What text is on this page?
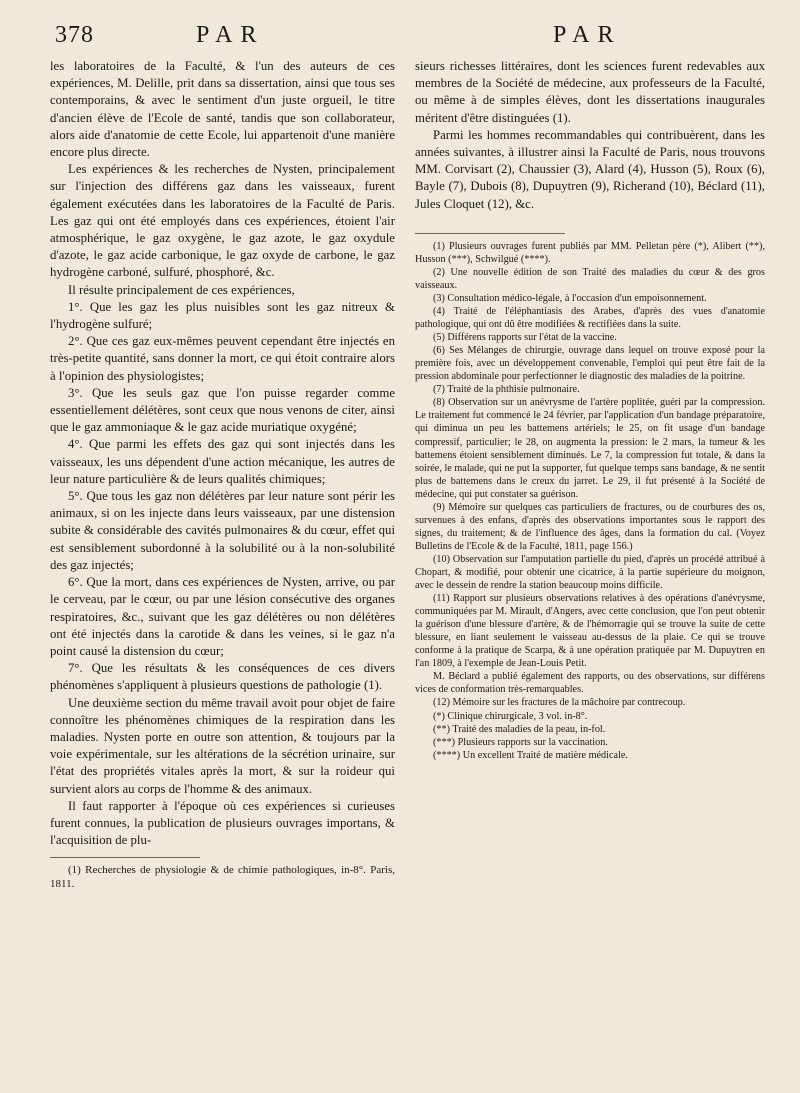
378	PAR	PAR

les laboratoires de la Faculté, & l'un des auteurs de ces expériences, M. Delille, prit dans sa dissertation, ainsi que tous ses contemporains, & avec le sentiment d'un juste orgueil, le titre d'ancien élève de l'Ecole de santé, tandis que son collaborateur, alors aide d'anatomie de cette Ecole, lui appartenoit d'une manière encore plus directe.

Les expériences & les recherches de Nysten, principalement sur l'injection des différens gaz dans les vaisseaux, furent également exécutées dans les laboratoires de la Faculté de Paris. Les gaz qui ont été employés dans ces expériences, étoient l'air atmosphérique, le gaz oxygène, le gaz azote, le gaz oxydule d'azote, le gaz acide carbonique, le gaz oxyde de carbone, le gaz hydrogène carboné, sulfuré, phosphoré, &c.

Il résulte principalement de ces expériences,

1°. Que les gaz les plus nuisibles sont les gaz nitreux & l'hydrogène sulfuré;

2°. Que ces gaz eux-mêmes peuvent cependant être injectés en très-petite quantité, sans donner la mort, ce qui étoit contraire alors à l'opinion des physiologistes;

3°. Que les seuls gaz que l'on puisse regarder comme essentiellement délétères, sont ceux que nous venons de citer, ainsi que le gaz ammoniaque & le gaz acide muriatique oxygéné;

4°. Que parmi les effets des gaz qui sont injectés dans les vaisseaux, les uns dépendent d'une action mécanique, les autres de leur nature particulière & de leurs qualités chimiques;

5°. Que tous les gaz non délétères par leur nature sont périr les animaux, si on les injecte dans leurs vaisseaux, par une distension subite & considérable des cavités pulmonaires & du cœur, effet qui est sensiblement subordonné à la solubilité ou à la non-solubilité des gaz injectés;

6°. Que la mort, dans ces expériences de Nysten, arrive, ou par le cerveau, par le cœur, ou par une lésion consécutive des organes respiratoires, &c., suivant que les gaz délétères ou non délétères ont été injectés dans la carotide & dans les veines, si le gaz n'a point causé la distension du cœur;

7°. Que les résultats & les conséquences de ces divers phénomènes s'appliquent à plusieurs questions de pathologie (1).

Une deuxième section du même travail avoit pour objet de faire connoître les phénomènes chimiques de la respiration dans les maladies. Nysten porte en outre son attention, & toujours par la voie expérimentale, sur les altérations de la sécrétion urinaire, sur l'état des propriétés vitales après la mort, & sur la roideur qui survient alors au corps de l'homme & des animaux.

Il faut rapporter à l'époque où ces expériences si curieuses furent connues, la publication de plusieurs ouvrages importans, & l'acquisition de plu-

(1) Recherches de physiologie & de chimie pathologiques, in-8°. Paris, 1811.

sieurs richesses littéraires, dont les sciences furent redevables aux membres de la Société de médecine, aux professeurs de la Faculté, ou même à de simples élèves, dont les dissertations inaugurales méritent d'être distinguées (1).

Parmi les hommes recommandables qui contribuèrent, dans les années suivantes, à illustrer ainsi la Faculté de Paris, nous trouvons MM. Corvisart (2), Chaussier (3), Alard (4), Husson (5), Roux (6), Bayle (7), Dubois (8), Dupuytren (9), Richerand (10), Béclard (11), Jules Cloquet (12), &c.

(1) Plusieurs ouvrages furent publiés par MM. Pelletan père (*), Alibert (**), Husson (***), Schwilgué (****).

(2) Une nouvelle édition de son Traité des maladies du cœur & des gros vaisseaux.

(3) Consultation médico-légale, à l'occasion d'un empoisonnement.

(4) Traité de l'éléphantiasis des Arabes, d'après des vues d'anatomie pathologique, qui ont dû être modifiées & rectifiées dans la suite.

(5) Différens rapports sur l'état de la vaccine.

(6) Ses Mélanges de chirurgie, ouvrage dans lequel on trouve exposé pour la première fois, avec un développement convenable, l'emploi qui peut être fait de la pression abdominale pour perfectionner le diagnostic des maladies de la poitrine.

(7) Traité de la phthisie pulmonaire.

(8) Observation sur un anévrysme de l'artère poplitée, guéri par la compression. Le traitement fut commencé le 24 février, par l'application d'un bandage préparatoire, qui diminua un peu les battemens artériels; le 25, on fit usage d'un bandage compressif, particulier; le 28, on augmenta la pression: le 2 mars, la tumeur & les battemens étoient sensiblement diminués. Le 7, la compression fut totale, & dans la soirée, le malade, qui ne put la supporter, fut quelque temps sans bandage, & ne sentit plus de battemens dans le creux du jarret. Le 29, il fut présenté à la Société de médecine, qui put constater sa guérison.

(9) Mémoire sur quelques cas particuliers de fractures, ou de courbures des os, survenues à des enfans, d'après des observations importantes sous le rapport des signes, du traitement; & de l'influence des âges, dans la formation du cal. (Voyez Bulletins de l'Ecole & de la Faculté, 1811, page 156.)

(10) Observation sur l'amputation partielle du pied, d'après un procédé attribué à Chopart, & modifié, pour obtenir une cicatrice, à la partie supérieure du moignon, avec le dessein de rendre la station beaucoup moins difficile.

(11) Rapport sur plusieurs observations relatives à des opérations d'anévrysme, communiquées par M. Mirault, d'Angers, avec cette conclusion, que l'on peut obtenir la guérison d'une blessure d'artère, & de l'hémorragie qui se trouve la suite de cette blessure, en liant seulement le vaisseau au-dessus de la plaie. Ce qui se trouve conforme à la pratique de Scarpa, & à une opération pratiquée par M. Dupuytren en l'an 1809, à l'exemple de Jean-Louis Petit.

M. Béclard a publié également des rapports, ou des observations, sur différens vices de conformation très-remarquables.

(12) Mémoire sur les fractures de la mâchoire par contrecoup.

(*) Clinique chirurgicale, 3 vol. in-8°.

(**) Traité des maladies de la peau, in-fol.

(***) Plusieurs rapports sur la vaccination.

(****) Un excellent Traité de matière médicale.
